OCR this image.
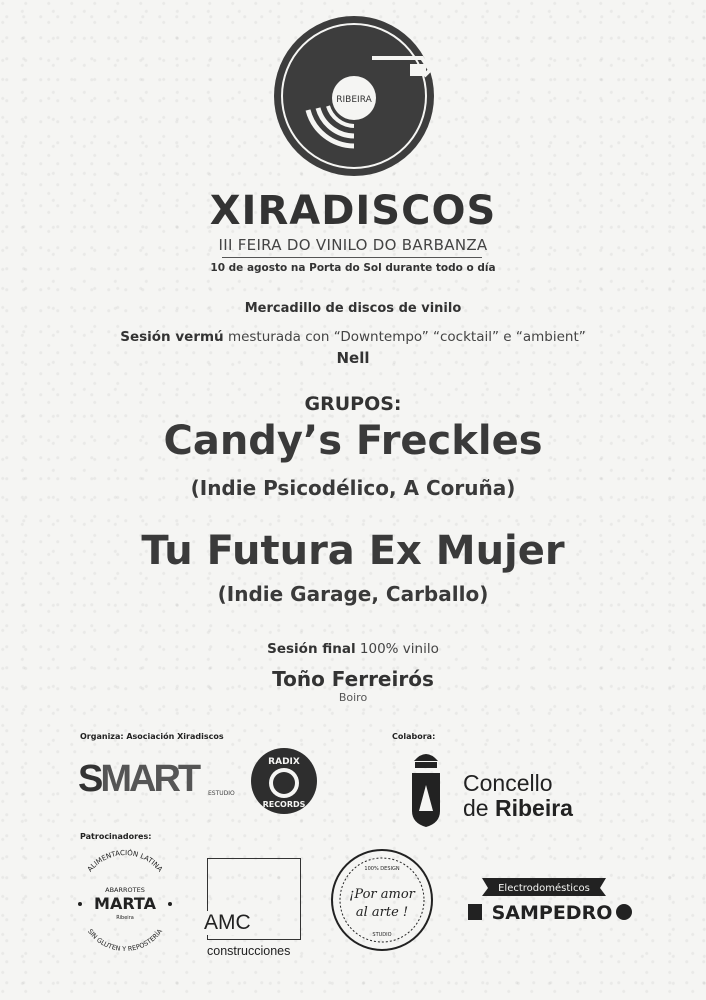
RIBEIRA
XIRADISCOS
III FEIRA DO VINILO DO BARBANZA
10 de agosto na Porta do Sol durante todo o día
Mercadillo de discos de vinilo
Sesión vermú mesturada con “Downtempo” “cocktail” e “ambient”
Nell
GRUPOS:
Candy’s Freckles
(Indie Psicodélico, A Coruña)
Tu Futura Ex Mujer
(Indie Garage, Carballo)
Sesión final 100% vinilo
Toño Ferreirós
Boiro
Organiza: Asociación Xiradiscos	Colabora:
Patrocinadores:
SMART ESTUDIO
RADIX
RECORDS
Concello
de Ribeira
ALIMENTACIÓN LATINA
ABARROTES
MARTA
Ribeira
SIN GLUTEN Y REPOSTERÍA AMC
construcciones
100% DESIGN
¡Por amor
al arte !
STUDIO
Electrodomésticos
SAMPEDRO
